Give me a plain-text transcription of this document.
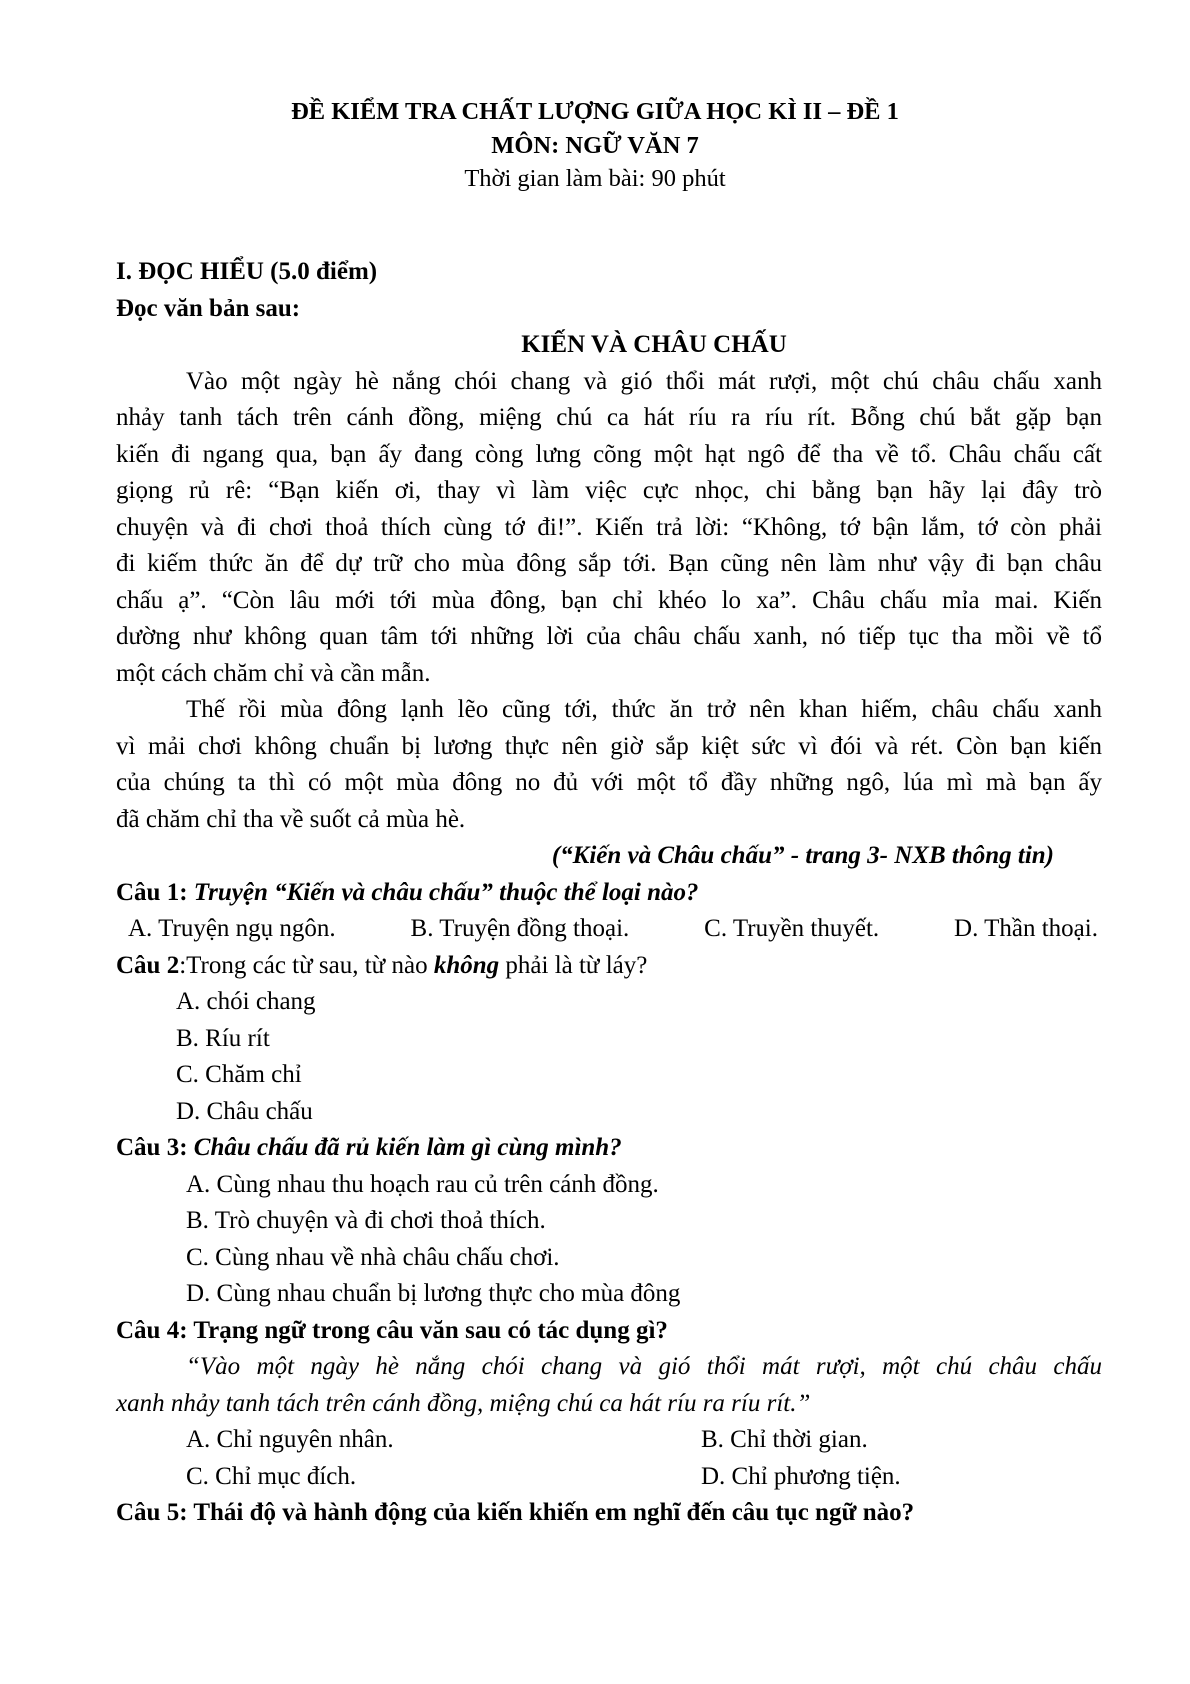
ĐỀ KIỂM TRA CHẤT LƯỢNG GIỮA HỌC KÌ II – ĐỀ 1
MÔN: NGỮ VĂN 7
Thời gian làm bài: 90 phút
I. ĐỌC HIỂU (5.0 điểm)
Đọc văn bản sau:
KIẾN VÀ CHÂU CHẤU
Vào một ngày hè nắng chói chang và gió thổi mát rượi, một chú châu chấu xanh
nhảy tanh tách trên cánh đồng, miệng chú ca hát ríu ra ríu rít. Bỗng chú bắt gặp bạn
kiến đi ngang qua, bạn ấy đang còng lưng cõng một hạt ngô để tha về tổ. Châu chấu cất
giọng rủ rê: “Bạn kiến ơi, thay vì làm việc cực nhọc, chi bằng bạn hãy lại đây trò
chuyện và đi chơi thoả thích cùng tớ đi!”. Kiến trả lời: “Không, tớ bận lắm, tớ còn phải
đi kiếm thức ăn để dự trữ cho mùa đông sắp tới. Bạn cũng nên làm như vậy đi bạn châu
chấu ạ”. “Còn lâu mới tới mùa đông, bạn chỉ khéo lo xa”. Châu chấu mỉa mai. Kiến
dường như không quan tâm tới những lời của châu chấu xanh, nó tiếp tục tha mồi về tổ
một cách chăm chỉ và cần mẫn.
Thế rồi mùa đông lạnh lẽo cũng tới, thức ăn trở nên khan hiếm, châu chấu xanh
vì mải chơi không chuẩn bị lương thực nên giờ sắp kiệt sức vì đói và rét. Còn bạn kiến
của chúng ta thì có một mùa đông no đủ với một tổ đầy những ngô, lúa mì mà bạn ấy
đã chăm chỉ tha về suốt cả mùa hè.
(“Kiến và Châu chấu” - trang 3- NXB thông tin)
Câu 1: Truyện “Kiến và châu chấu” thuộc thể loại nào?
A. Truyện ngụ ngôn.	B. Truyện đồng thoại.	C. Truyền thuyết.	D. Thần thoại.
Câu 2:Trong các từ sau, từ nào không phải là từ láy?
A. chói chang
B. Ríu rít
C. Chăm chỉ
D. Châu chấu
Câu 3: Châu chấu đã rủ kiến làm gì cùng mình?
A. Cùng nhau thu hoạch rau củ trên cánh đồng.
B. Trò chuyện và đi chơi thoả thích.
C. Cùng nhau về nhà châu chấu chơi.
D. Cùng nhau chuẩn bị lương thực cho mùa đông
Câu 4: Trạng ngữ trong câu văn sau có tác dụng gì?
“Vào một ngày hè nắng chói chang và gió thổi mát rượi, một chú châu chấu
xanh nhảy tanh tách trên cánh đồng, miệng chú ca hát ríu ra ríu rít.”
A. Chỉ nguyên nhân.	B. Chỉ thời gian.
C. Chỉ mục đích.	D. Chỉ phương tiện.
Câu 5: Thái độ và hành động của kiến khiến em nghĩ đến câu tục ngữ nào?
